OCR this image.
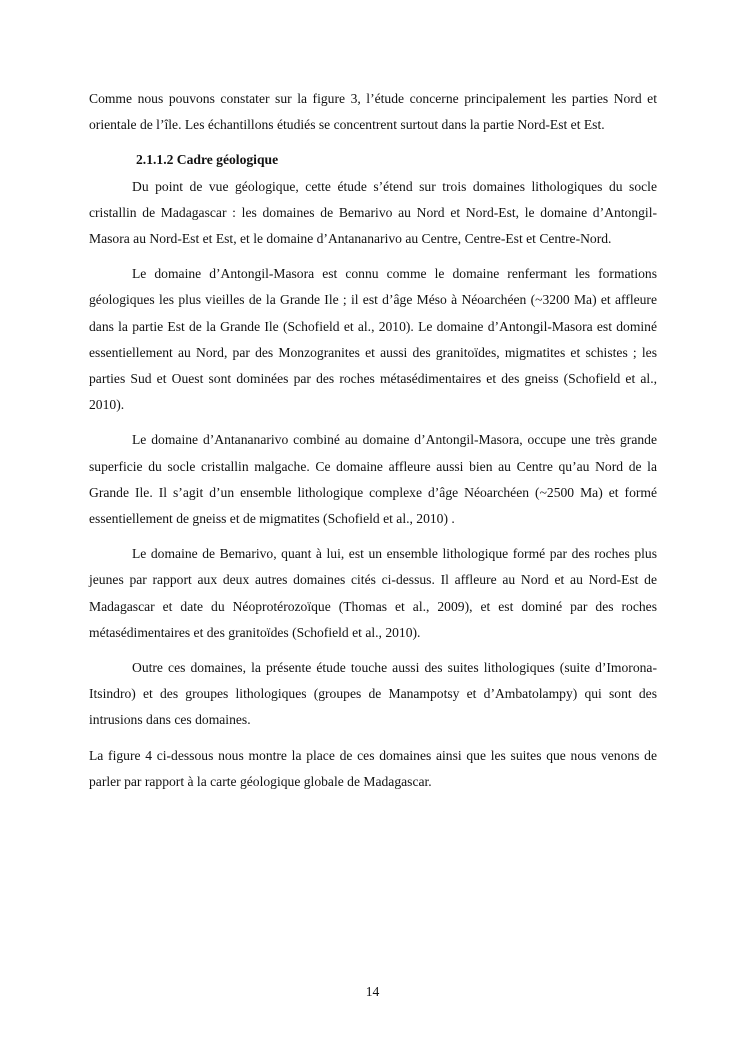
Comme nous pouvons constater sur la figure 3, l’étude concerne principalement les parties Nord et orientale de l’île. Les échantillons étudiés se concentrent surtout dans la partie Nord-Est et Est.

2.1.1.2 Cadre géologique

Du point de vue géologique, cette étude s’étend sur trois domaines lithologiques du socle cristallin de Madagascar : les domaines de Bemarivo au Nord et Nord-Est, le domaine d’Antongil-Masora au Nord-Est et Est, et le domaine d’Antananarivo au Centre, Centre-Est et Centre-Nord.

Le domaine d’Antongil-Masora est connu comme le domaine renfermant les formations géologiques les plus vieilles de la Grande Ile ; il est d’âge Méso à Néoarchéen (~3200 Ma) et affleure dans la partie Est de la Grande Ile (Schofield et al., 2010). Le domaine d’Antongil-Masora est dominé essentiellement au Nord, par des Monzogranites et aussi des granitoïdes, migmatites et schistes ; les parties Sud et Ouest sont dominées par des roches métasédimentaires et des gneiss (Schofield et al., 2010).

Le domaine d’Antananarivo combiné au domaine d’Antongil-Masora, occupe une très grande superficie du socle cristallin malgache. Ce domaine affleure aussi bien au Centre qu’au Nord de la Grande Ile. Il s’agit d’un ensemble lithologique complexe d’âge Néoarchéen (~2500 Ma) et formé essentiellement de gneiss et de migmatites (Schofield et al., 2010) .

Le domaine de Bemarivo, quant à lui, est un ensemble lithologique formé par des roches plus jeunes par rapport aux deux autres domaines cités ci-dessus. Il affleure au Nord et au Nord-Est de Madagascar et date du Néoprotérozoïque (Thomas et al., 2009), et est dominé par des roches métasédimentaires et des granitoïdes (Schofield et al., 2010).

Outre ces domaines, la présente étude touche aussi des suites lithologiques (suite d’Imorona-Itsindro) et des groupes lithologiques (groupes de Manampotsy et d’Ambatolampy) qui sont des intrusions dans ces domaines.

La figure 4 ci-dessous nous montre la place de ces domaines ainsi que les suites que nous venons de parler par rapport à la carte géologique globale de Madagascar.

14
